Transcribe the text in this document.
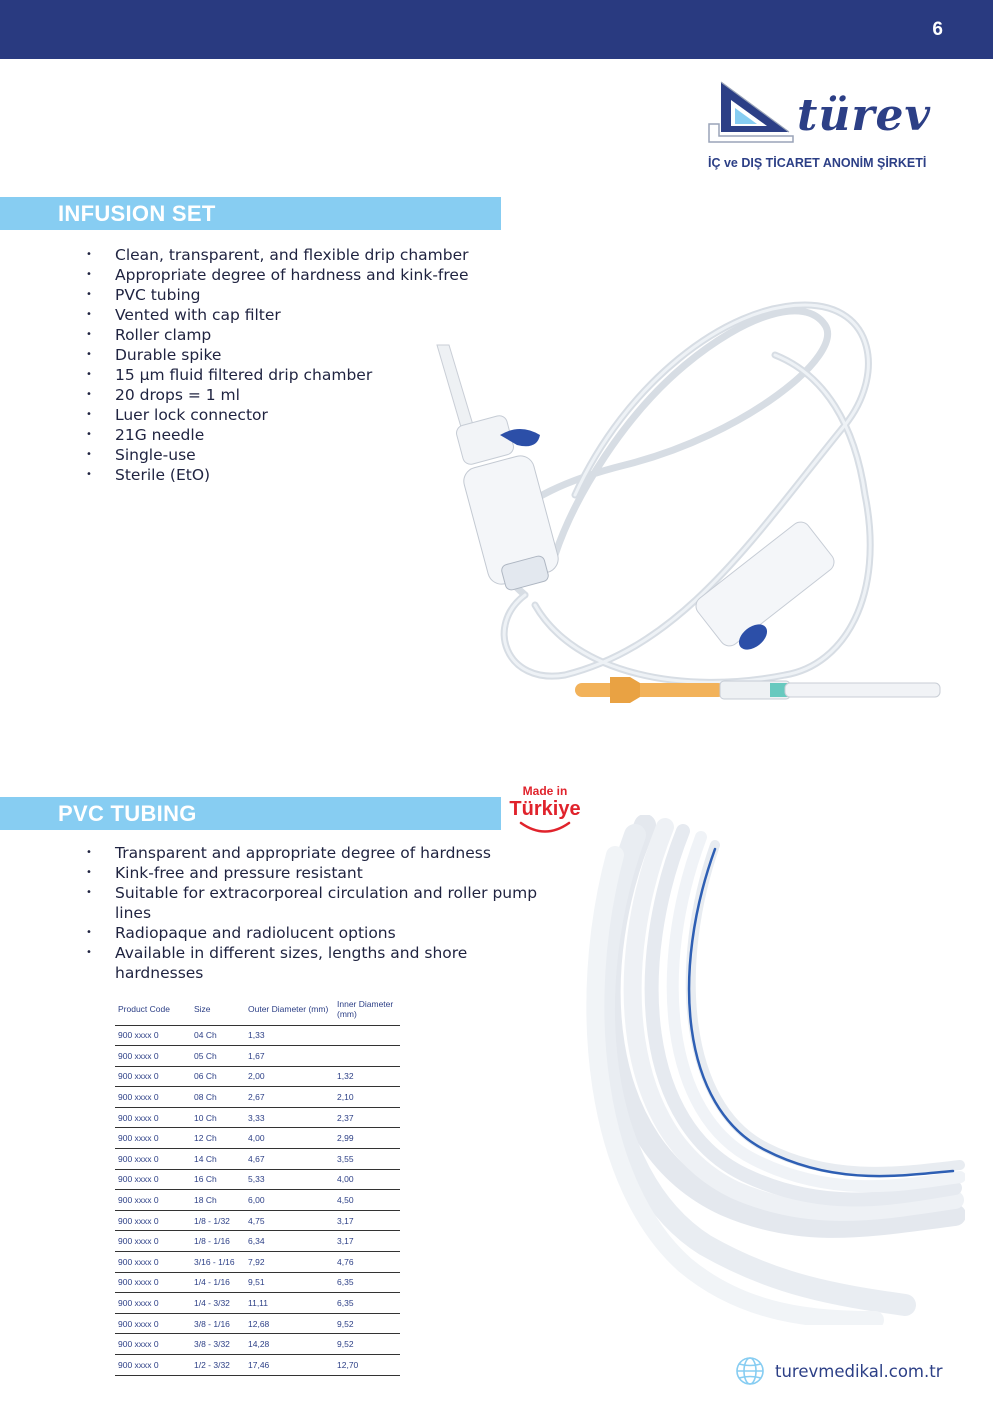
6
türev
İÇ ve DIŞ TİCARET ANONİM ŞİRKETİ
INFUSION SET
• Clean, transparent, and flexible drip chamber
• Appropriate degree of hardness and kink-free
• PVC tubing
• Vented with cap filter
• Roller clamp
• Durable spike
• 15 µm fluid filtered drip chamber
• 20 drops = 1 ml
• Luer lock connector
• 21G needle
• Single-use
• Sterile (EtO)
PVC TUBING
Made in
Türkiye
• Transparent and appropriate degree of hardness
• Kink-free and pressure resistant
• Suitable for extracorporeal circulation and roller pump lines
• Radiopaque and radiolucent options
• Available in different sizes, lengths and shore hardnesses
Product Code	Size	Outer Diameter (mm)	Inner Diameter (mm)
900 xxxx 0	04 Ch	1,33	
900 xxxx 0	05 Ch	1,67	
900 xxxx 0	06 Ch	2,00	1,32
900 xxxx 0	08 Ch	2,67	2,10
900 xxxx 0	10 Ch	3,33	2,37
900 xxxx 0	12 Ch	4,00	2,99
900 xxxx 0	14 Ch	4,67	3,55
900 xxxx 0	16 Ch	5,33	4,00
900 xxxx 0	18 Ch	6,00	4,50
900 xxxx 0	1/8 - 1/32	4,75	3,17
900 xxxx 0	1/8 - 1/16	6,34	3,17
900 xxxx 0	3/16 - 1/16	7,92	4,76
900 xxxx 0	1/4 - 1/16	9,51	6,35
900 xxxx 0	1/4 - 3/32	11,11	6,35
900 xxxx 0	3/8 - 1/16	12,68	9,52
900 xxxx 0	3/8 - 3/32	14,28	9,52
900 xxxx 0	1/2 - 3/32	17,46	12,70	turevmedikal.com.tr
